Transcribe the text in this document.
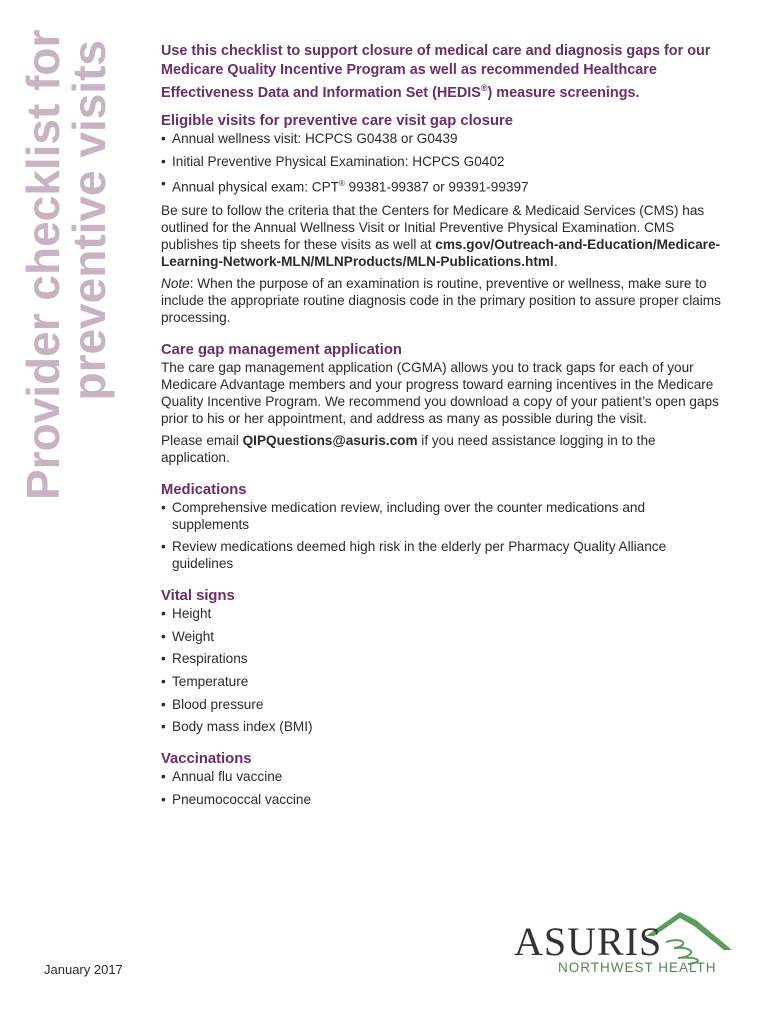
Provider checklist for
preventive visits	Use this checklist to support closure of medical care and diagnosis gaps for our Medicare Quality Incentive Program as well as recommended Healthcare Effectiveness Data and Information Set (HEDIS®) measure screenings.
Eligible visits for preventive care visit gap closure
• Annual wellness visit: HCPCS G0438 or G0439
• Initial Preventive Physical Examination: HCPCS G0402
• Annual physical exam: CPT® 99381-99387 or 99391-99397

Be sure to follow the criteria that the Centers for Medicare & Medicaid Services (CMS) has outlined for the Annual Wellness Visit or Initial Preventive Physical Examination. CMS publishes tip sheets for these visits as well at cms.gov/Outreach-and-Education/Medicare-Learning-Network-MLN/MLNProducts/MLN-Publications.html.

Note: When the purpose of an examination is routine, preventive or wellness, make sure to include the appropriate routine diagnosis code in the primary position to assure proper claims processing.

Care gap management application

The care gap management application (CGMA) allows you to track gaps for each of your Medicare Advantage members and your progress toward earning incentives in the Medicare Quality Incentive Program. We recommend you download a copy of your patient’s open gaps prior to his or her appointment, and address as many as possible during the visit.

Please email QIPQuestions@asuris.com if you need assistance logging in to the application.

Medications
• Comprehensive medication review, including over the counter medications and supplements
• Review medications deemed high risk in the elderly per Pharmacy Quality Alliance guidelines
Vital signs
• Height
• Weight
• Respirations
• Temperature
• Blood pressure
• Body mass index (BMI)
Vaccinations
• Annual flu vaccine
• Pneumococcal vaccine
January 2017
ASURIS
NORTHWEST HEALTH
